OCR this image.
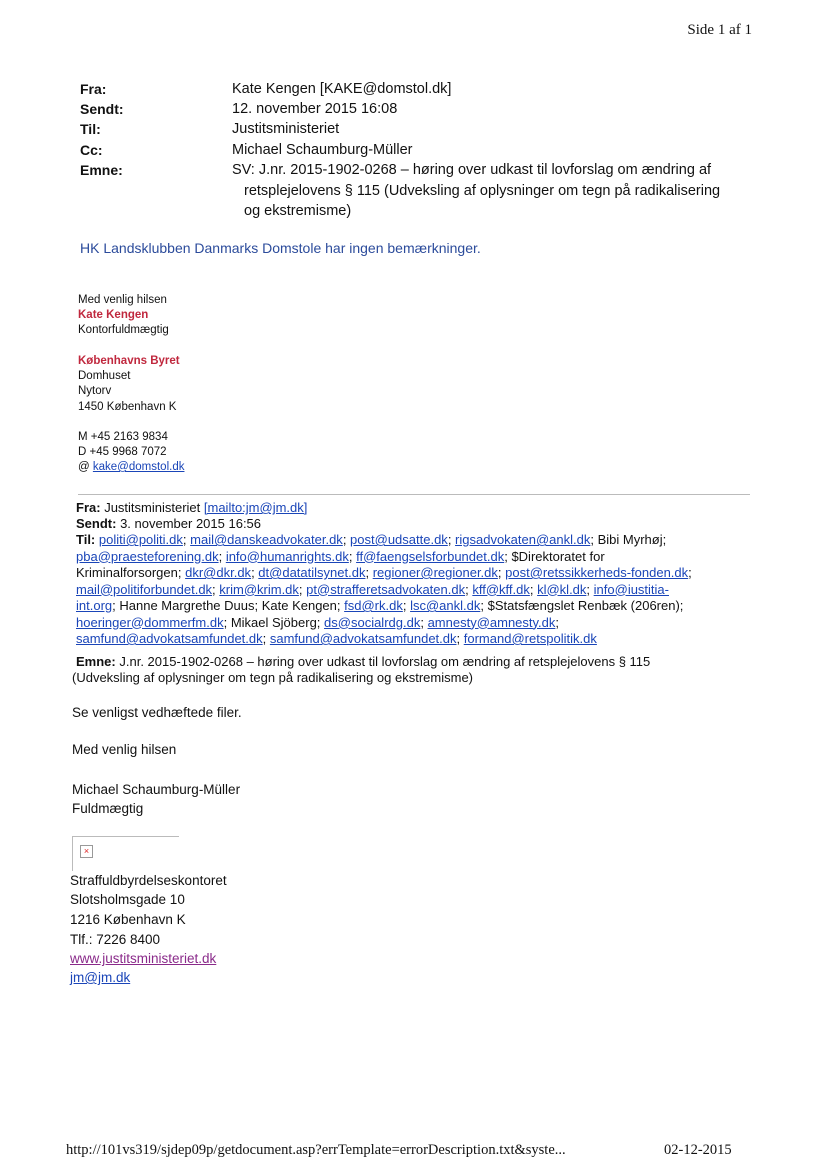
Side 1 af 1
Fra:	Kate Kengen [KAKE@domstol.dk]
Sendt:	12. november 2015 16:08
Til:	Justitsministeriet
Cc:	Michael Schaumburg-Müller
Emne:	SV: J.nr. 2015-1902-0268 – høring over udkast til lovforslag om ændring af
retsplejelovens § 115 (Udveksling af oplysninger om tegn på radikalisering
og ekstremisme)
HK Landsklubben Danmarks Domstole har ingen bemærkninger.
Med venlig hilsen
Kate Kengen
Kontorfuldmægtig
Københavns Byret
Domhuset
Nytorv
1450 København K
M +45 2163 9834
D +45 9968 7072
@ kake@domstol.dk
Fra: Justitsministeriet [mailto:jm@jm.dk]
Sendt: 3. november 2015 16:56
Til: politi@politi.dk; mail@danskeadvokater.dk; post@udsatte.dk; rigsadvokaten@ankl.dk; Bibi Myrhøj;
pba@praesteforening.dk; info@humanrights.dk; ff@faengselsforbundet.dk; $Direktoratet for
Kriminalforsorgen; dkr@dkr.dk; dt@datatilsynet.dk; regioner@regioner.dk; post@retssikkerheds-fonden.dk;
mail@politiforbundet.dk; krim@krim.dk; pt@strafferetsadvokaten.dk; kff@kff.dk; kl@kl.dk; info@iustitia-
int.org; Hanne Margrethe Duus; Kate Kengen; fsd@rk.dk; lsc@ankl.dk; $Statsfængslet Renbæk (206ren);
hoeringer@dommerfm.dk; Mikael Sjöberg; ds@socialrdg.dk; amnesty@amnesty.dk;
samfund@advokatsamfundet.dk; samfund@advokatsamfundet.dk; formand@retspolitik.dk
Emne: J.nr. 2015-1902-0268 – høring over udkast til lovforslag om ændring af retsplejelovens § 115
(Udveksling af oplysninger om tegn på radikalisering og ekstremisme)
Se venligst vedhæftede filer.
Med venlig hilsen
Michael Schaumburg-Müller
Fuldmægtig
×
Straffuldbyrdelseskontoret
Slotsholmsgade 10
1216 København K
Tlf.: 7226 8400
www.justitsministeriet.dk
jm@jm.dk
http://101vs319/sjdep09p/getdocument.asp?errTemplate=errorDescription.txt&syste...	02-12-2015
